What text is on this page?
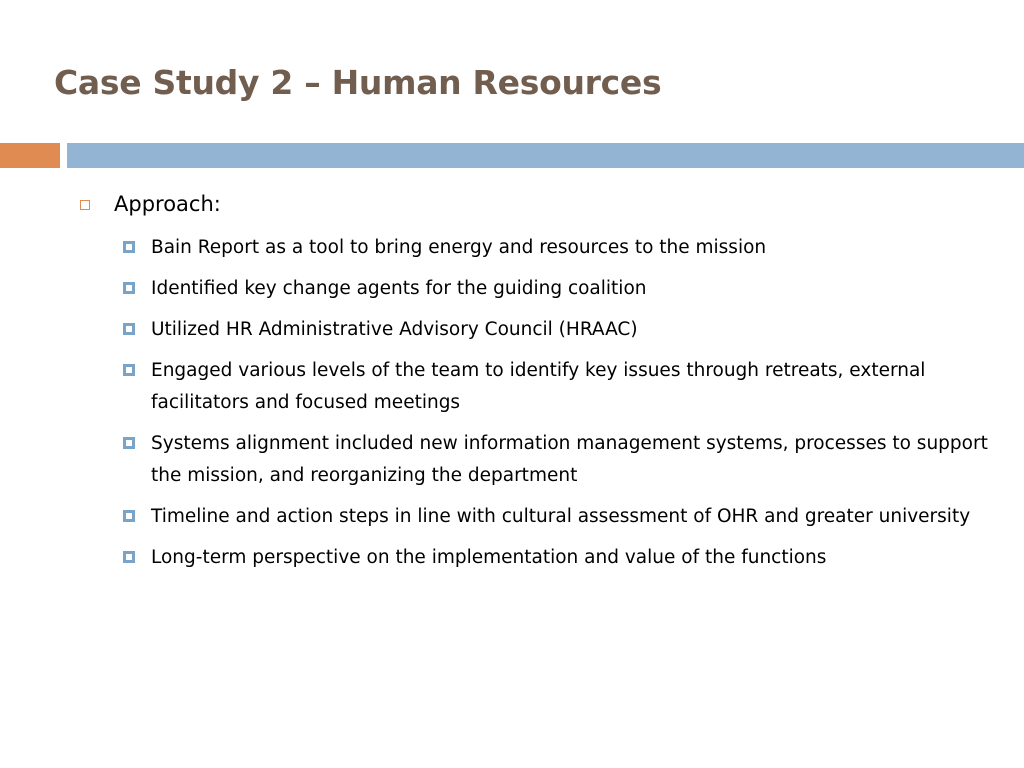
Case Study 2 – Human Resources
Approach:
Bain Report as a tool to bring energy and resources to the mission
Identified key change agents for the guiding coalition
Utilized HR Administrative Advisory Council (HRAAC)
Engaged various levels of the team to identify key issues through retreats, external facilitators and focused meetings
Systems alignment included new information management systems, processes to support the mission, and reorganizing the department
Timeline and action steps in line with cultural assessment of OHR and greater university
Long-term perspective on the implementation and value of the functions
